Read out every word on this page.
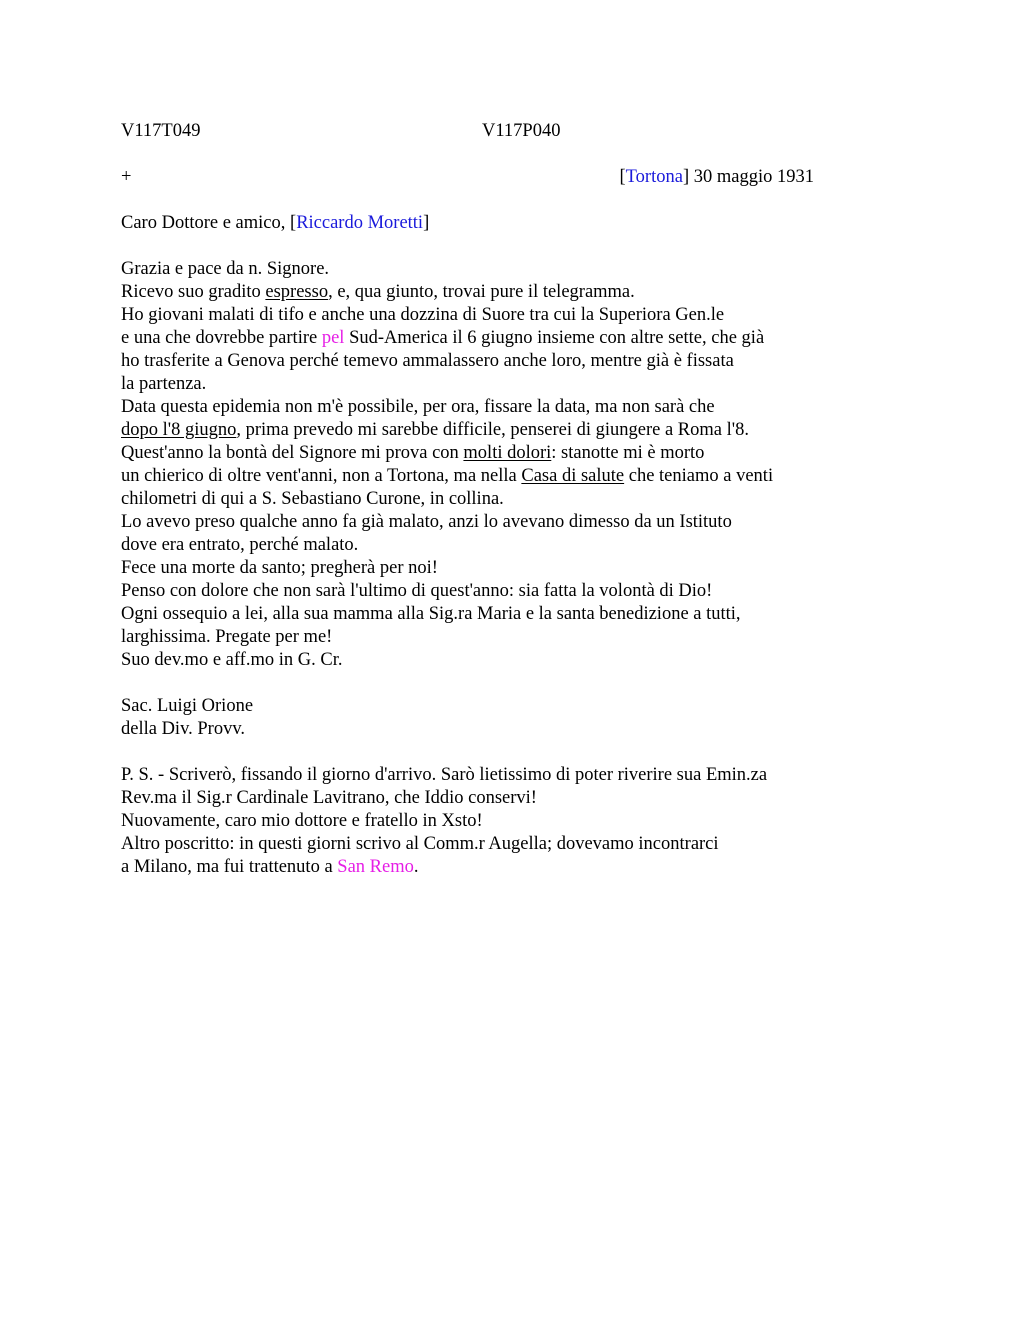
V117T049	V117P040
+	[Tortona] 30 maggio 1931
Caro Dottore e amico, [Riccardo Moretti]
Grazia e pace da n. Signore.
Ricevo suo gradito espresso, e, qua giunto, trovai pure il telegramma.
Ho giovani malati di tifo e anche una dozzina di Suore tra cui la Superiora Gen.le
e una che dovrebbe partire pel Sud-America il 6 giugno insieme con altre sette, che già
ho trasferite a Genova perché temevo ammalassero anche loro, mentre già è fissata
la partenza.
Data questa epidemia non m'è possibile, per ora, fissare la data, ma non sarà che
dopo l'8 giugno, prima prevedo mi sarebbe difficile, penserei di giungere a Roma l'8.
Quest'anno la bontà del Signore mi prova con molti dolori: stanotte mi è morto
un chierico di oltre vent'anni, non a Tortona, ma nella Casa di salute che teniamo a venti
chilometri di qui a S. Sebastiano Curone, in collina.
Lo avevo preso qualche anno fa già malato, anzi lo avevano dimesso da un Istituto
dove era entrato, perché malato.
Fece una morte da santo; pregherà per noi!
Penso con dolore che non sarà l'ultimo di quest'anno: sia fatta la volontà di Dio!
Ogni ossequio a lei, alla sua mamma alla Sig.ra Maria e la santa benedizione a tutti,
larghissima. Pregate per me!
Suo dev.mo e aff.mo in G. Cr.
Sac. Luigi Orione
della Div. Provv.
P. S. - Scriverò, fissando il giorno d'arrivo. Sarò lietissimo di poter riverire sua Emin.za
Rev.ma il Sig.r Cardinale Lavitrano, che Iddio conservi!
Nuovamente, caro mio dottore e fratello in Xsto!
Altro poscritto: in questi giorni scrivo al Comm.r Augella; dovevamo incontrarci
a Milano, ma fui trattenuto a San Remo.
